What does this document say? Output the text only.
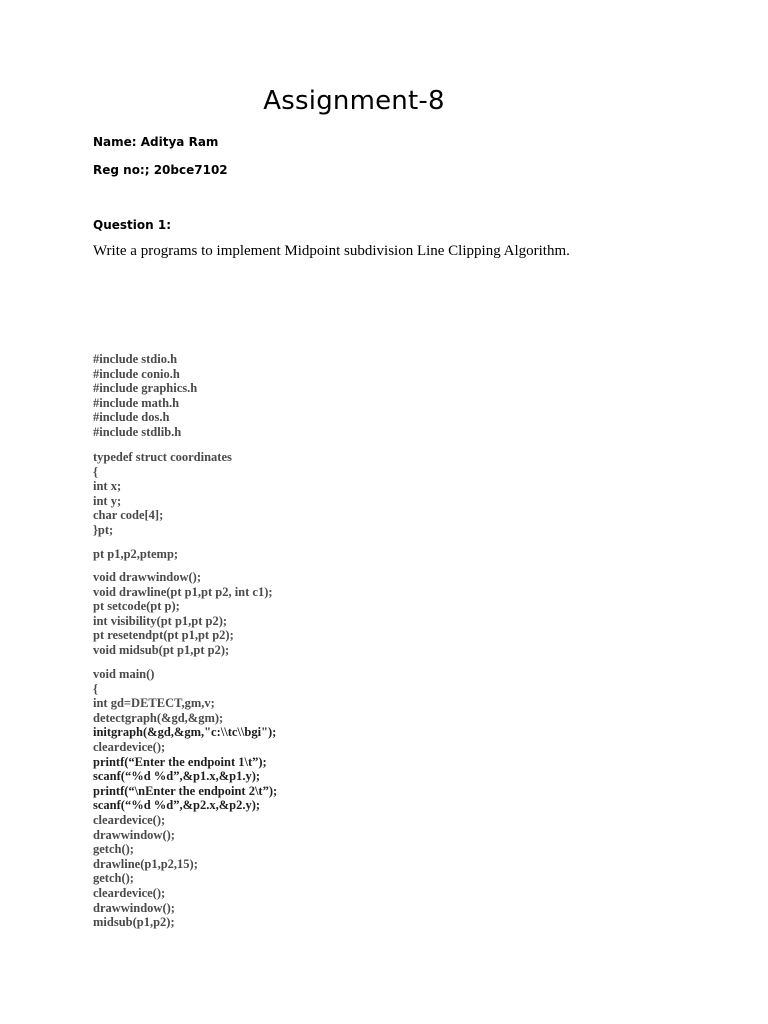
Assignment-8
Name: Aditya Ram
Reg no:; 20bce7102
Question 1:
Write a programs to implement Midpoint subdivision Line Clipping Algorithm.
#include stdio.h
#include conio.h
#include graphics.h
#include math.h
#include dos.h
#include stdlib.h
typedef struct coordinates
{
int x;
int y;
char code[4];
}pt;
pt p1,p2,ptemp;
void drawwindow();
void drawline(pt p1,pt p2, int c1);
pt setcode(pt p);
int visibility(pt p1,pt p2);
pt resetendpt(pt p1,pt p2);
void midsub(pt p1,pt p2);
void main()
{
int gd=DETECT,gm,v;
detectgraph(&gd,&gm);
initgraph(&gd,&gm,"c:\\tc\\bgi");
cleardevice();
printf(“Enter the endpoint 1\t”);
scanf(“%d %d”,&p1.x,&p1.y);
printf(“\nEnter the endpoint 2\t”);
scanf(“%d %d”,&p2.x,&p2.y);
cleardevice();
drawwindow();
getch();
drawline(p1,p2,15);
getch();
cleardevice();
drawwindow();
midsub(p1,p2);
